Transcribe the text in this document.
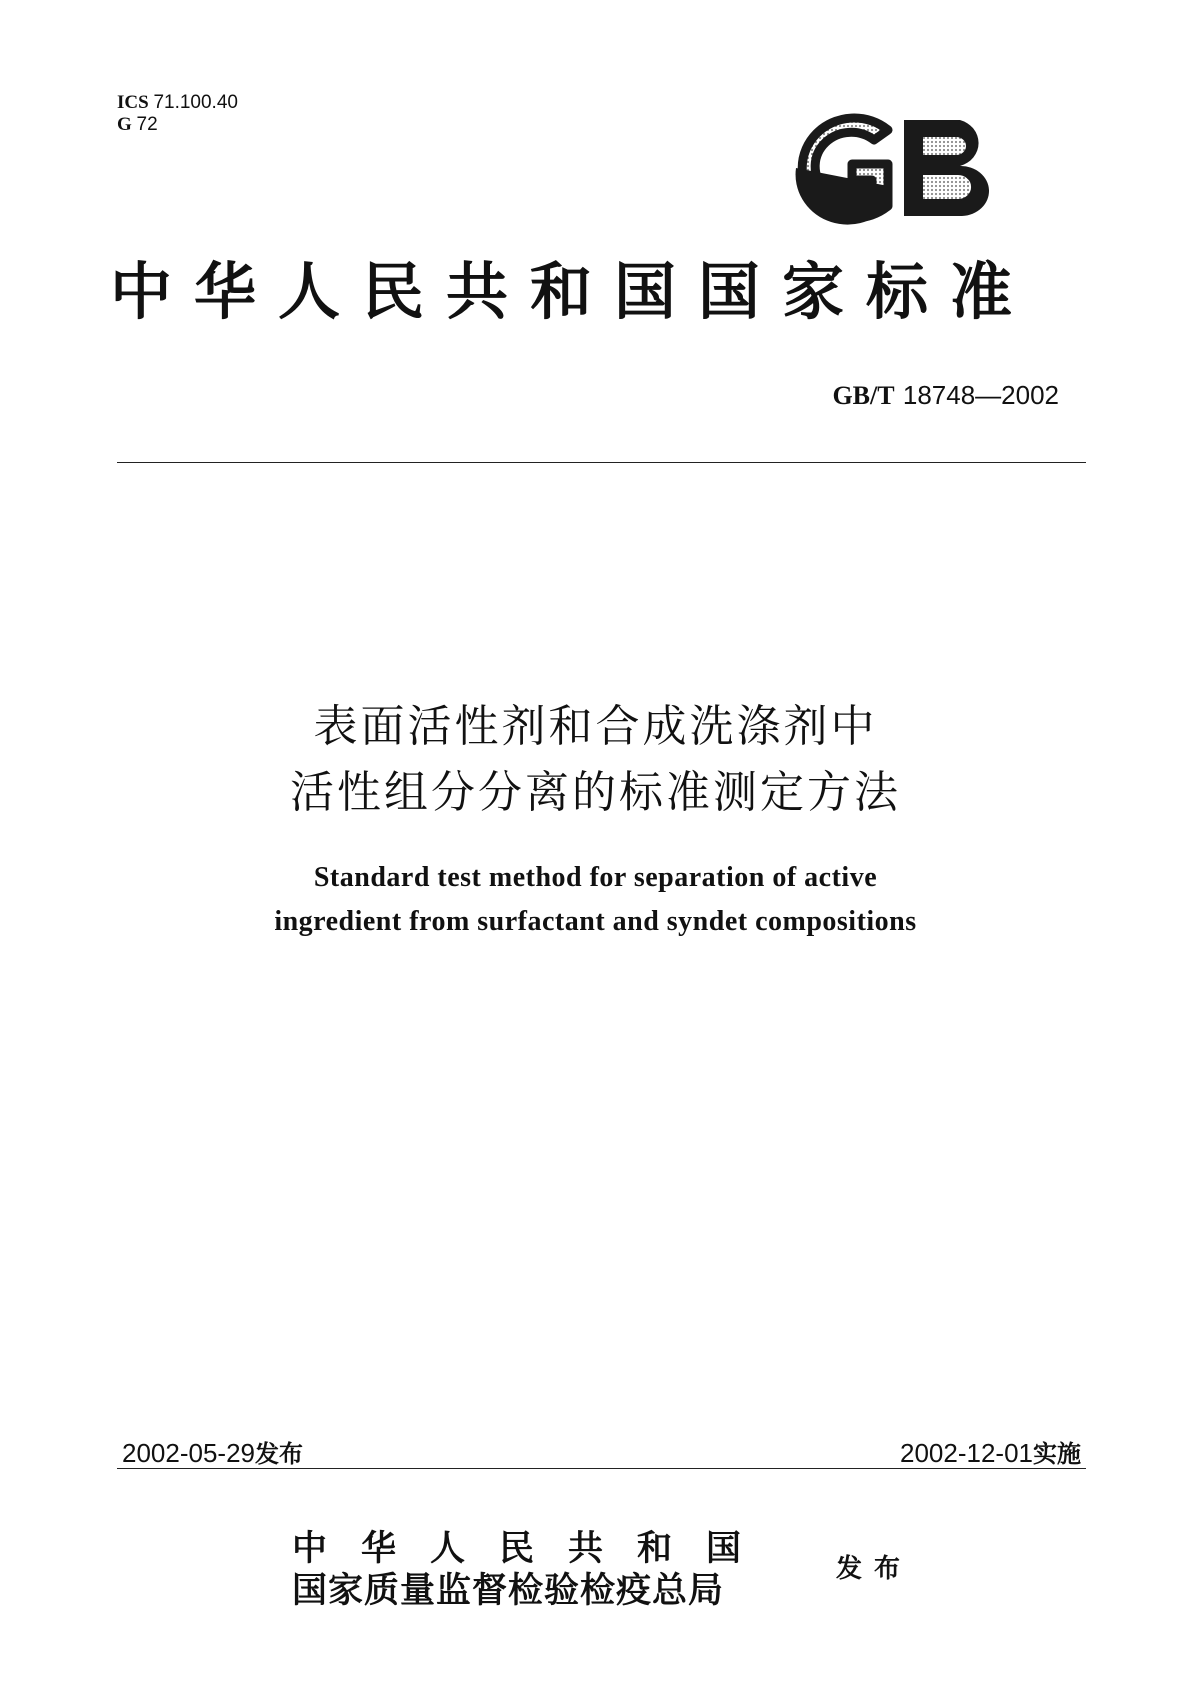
ICS 71.100.40
G 72
中华人民共和国国家标准
GB/T 18748—2002
表面活性剂和合成洗涤剂中
活性组分分离的标准测定方法
Standard test method for separation of active
ingredient from surfactant and syndet compositions
2002-05-29发布	2002-12-01实施
中华人民共和国
国家质量监督检验检疫总局
发布
